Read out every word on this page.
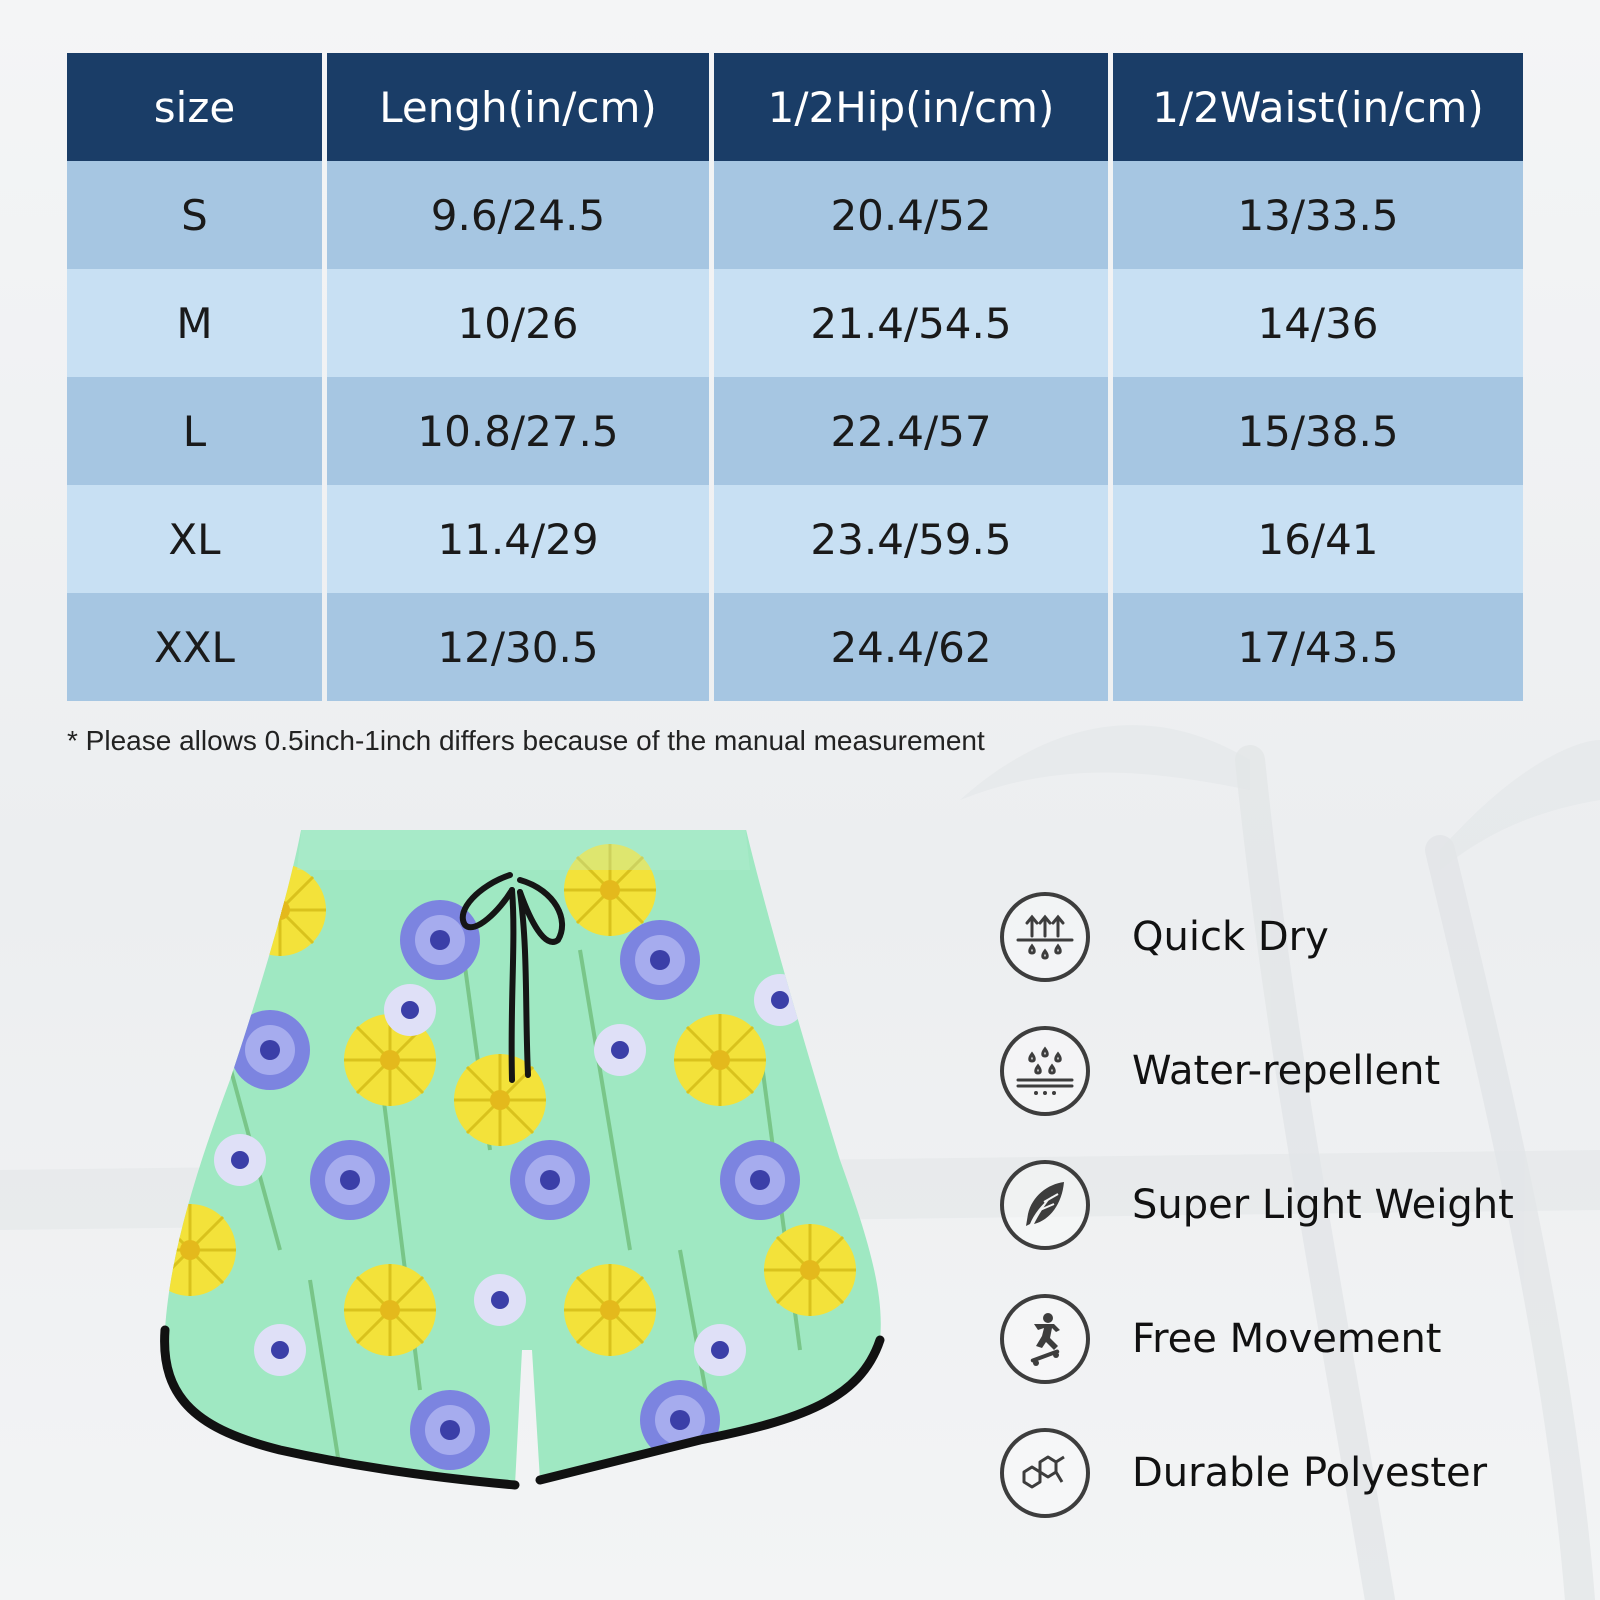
size	Lengh(in/cm)	1/2Hip(in/cm)	1/2Waist(in/cm)
S	9.6/24.5	20.4/52	13/33.5
M	10/26	21.4/54.5	14/36
L	10.8/27.5	22.4/57	15/38.5
XL	11.4/29	23.4/59.5	16/41
XXL	12/30.5	24.4/62	17/43.5
* Please allows 0.5inch-1inch differs because of the manual measurement
Quick Dry
Water-repellent
Super Light Weight
Free Movement
Durable Polyester
